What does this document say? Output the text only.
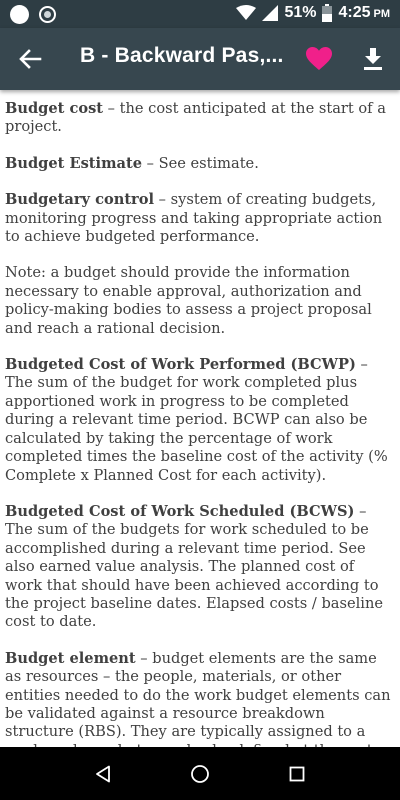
51% 4:25 PM
B - Backward Pas,...

Budget cost – the cost anticipated at the start of a project.

Budget Estimate – See estimate.

Budgetary control – system of creating budgets, monitoring progress and taking appropriate action to achieve budgeted performance.

Note: a budget should provide the information necessary to enable approval, authorization and policy-making bodies to assess a project proposal and reach a rational decision.

Budgeted Cost of Work Performed (BCWP) – The sum of the budget for work completed plus apportioned work in progress to be completed during a relevant time period. BCWP can also be calculated by taking the percentage of work completed times the baseline cost of the activity (% Complete x Planned Cost for each activity).

Budgeted Cost of Work Scheduled (BCWS) – The sum of the budgets for work scheduled to be accomplished during a relevant time period. See also earned value analysis. The planned cost of work that should have been achieved according to the project baseline dates. Elapsed costs / baseline cost to date.

Budget element – budget elements are the same as resources – the people, materials, or other entities needed to do the work budget elements can be validated against a resource breakdown structure (RBS). They are typically assigned to a
